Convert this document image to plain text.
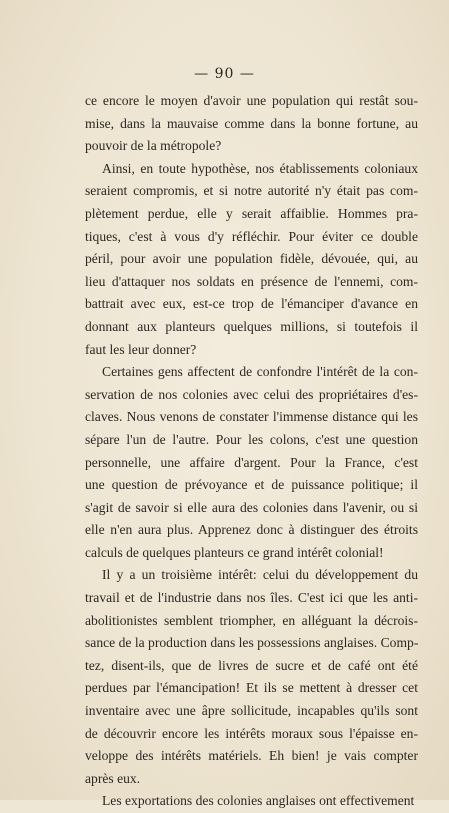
— 90 —
ce encore le moyen d'avoir une population qui restât sou-
mise, dans la mauvaise comme dans la bonne fortune, au
pouvoir de la métropole?
Ainsi, en toute hypothèse, nos établissements coloniaux
seraient compromis, et si notre autorité n'y était pas com-
plètement perdue, elle y serait affaiblie. Hommes pra-
tiques, c'est à vous d'y réfléchir. Pour éviter ce double
péril, pour avoir une population fidèle, dévouée, qui, au
lieu d'attaquer nos soldats en présence de l'ennemi, com-
battrait avec eux, est-ce trop de l'émanciper d'avance en
donnant aux planteurs quelques millions, si toutefois il
faut les leur donner?
Certaines gens affectent de confondre l'intérêt de la con-
servation de nos colonies avec celui des propriétaires d'es-
claves. Nous venons de constater l'immense distance qui les
sépare l'un de l'autre. Pour les colons, c'est une question
personnelle, une affaire d'argent. Pour la France, c'est
une question de prévoyance et de puissance politique; il
s'agit de savoir si elle aura des colonies dans l'avenir, ou si
elle n'en aura plus. Apprenez donc à distinguer des étroits
calculs de quelques planteurs ce grand intérêt colonial!
Il y a un troisième intérêt: celui du développement du
travail et de l'industrie dans nos îles. C'est ici que les anti-
abolitionistes semblent triompher, en alléguant la décrois-
sance de la production dans les possessions anglaises. Comp-
tez, disent-ils, que de livres de sucre et de café ont été
perdues par l'émancipation! Et ils se mettent à dresser cet
inventaire avec une âpre sollicitude, incapables qu'ils sont
de découvrir encore les intérêts moraux sous l'épaisse en-
veloppe des intérêts matériels. Eh bien! je vais compter
après eux.
Les exportations des colonies anglaises ont effectivement
